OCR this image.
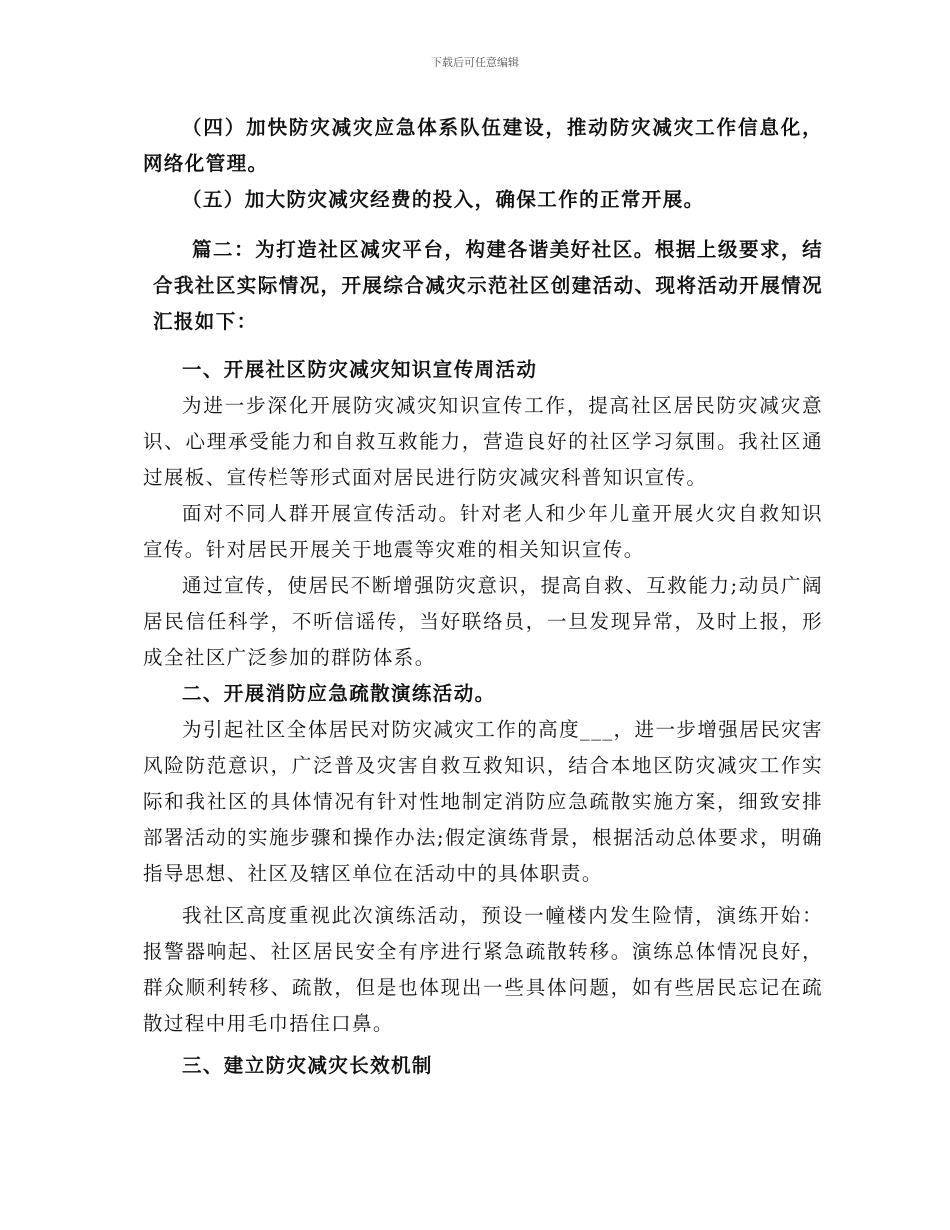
下载后可任意编辑

（四）加快防灾减灾应急体系队伍建设，推动防灾减灾工作信息化，网络化管理。

（五）加大防灾减灾经费的投入，确保工作的正常开展。

篇二：为打造社区减灾平台，构建各谐美好社区。根据上级要求，结合我社区实际情况，开展综合减灾示范社区创建活动、现将活动开展情况汇报如下：

一、开展社区防灾减灾知识宣传周活动

为进一步深化开展防灾减灾知识宣传工作，提高社区居民防灾减灾意识、心理承受能力和自救互救能力，营造良好的社区学习氛围。我社区通过展板、宣传栏等形式面对居民进行防灾减灾科普知识宣传。

面对不同人群开展宣传活动。针对老人和少年儿童开展火灾自救知识宣传。针对居民开展关于地震等灾难的相关知识宣传。

通过宣传，使居民不断增强防灾意识，提高自救、互救能力;动员广阔居民信任科学，不听信谣传，当好联络员，一旦发现异常，及时上报，形成全社区广泛参加的群防体系。

二、开展消防应急疏散演练活动。

为引起社区全体居民对防灾减灾工作的高度___，进一步增强居民灾害风险防范意识，广泛普及灾害自救互救知识，结合本地区防灾减灾工作实际和我社区的具体情况有针对性地制定消防应急疏散实施方案，细致安排部署活动的实施步骤和操作办法;假定演练背景，根据活动总体要求，明确指导思想、社区及辖区单位在活动中的具体职责。

我社区高度重视此次演练活动，预设一幢楼内发生险情，演练开始：报警器响起、社区居民安全有序进行紧急疏散转移。演练总体情况良好，群众顺利转移、疏散，但是也体现出一些具体问题，如有些居民忘记在疏散过程中用毛巾捂住口鼻。

三、建立防灾减灾长效机制
